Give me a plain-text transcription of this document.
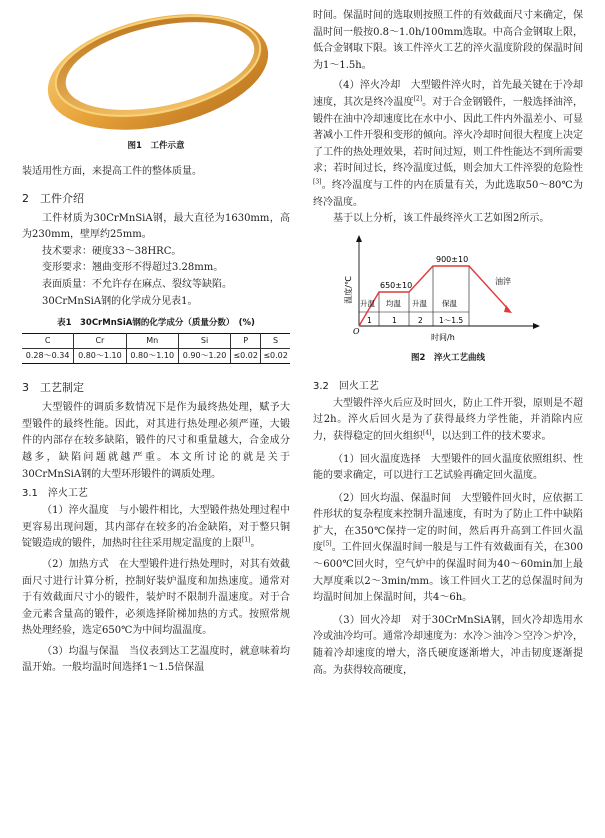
图1　工件示意

装适用性方面，来提高工件的整体质量。

2　工件介绍

工件材质为30CrMnSiA钢，最大直径为1630mm，高为230mm，壁厚约25mm。

技术要求：硬度33～38HRC。

变形要求：翘曲变形不得超过3.28mm。

表面质量：不允许存在麻点、裂纹等缺陷。

30CrMnSiA钢的化学成分见表1。

表1　30CrMnSiA钢的化学成分（质量分数）　(%)
C	Cr	Mn	Si	P	S
0.28～0.34	0.80～1.10	0.80～1.10	0.90～1.20	≤0.02	≤0.02
3　工艺制定

大型锻件的调质多数情况下是作为最终热处理，赋予大型锻件的最终性能。因此，对其进行热处理必须严谨，大锻件的内部存在较多缺陷，锻件的尺寸和重量越大，合金成分越多，缺陷问题就越严重。本文所讨论的就是关于30CrMnSiA钢的大型环形锻件的调质处理。

3.1　淬火工艺

（1）淬火温度　与小锻件相比，大型锻件热处理过程中更容易出现问题，其内部存在较多的冶金缺陷，对于整只铜锭锻造成的锻件，加热时往往采用规定温度的上限[1]。

（2）加热方式　在大型锻件进行热处理时，对其有效截面尺寸进行计算分析，控制好装炉温度和加热速度。通常对于有效截面尺寸小的锻件，装炉时不限制升温速度。对于合金元素含量高的锻件，必须选择阶梯加热的方式。按照常规热处理经验，选定650℃为中间均温温度。

（3）均温与保温　当仪表到达工艺温度时，就意味着均温开始。一般均温时间选择1～1.5倍保温

时间。保温时间的选取则按照工件的有效截面尺寸来确定，保温时间一般按0.8～1.0h/100mm选取。中高合金钢取上限，低合金钢取下限。该工件淬火工艺的淬火温度阶段的保温时间为1～1.5h。

（4）淬火冷却　大型锻件淬火时，首先最关键在于冷却速度，其次是终冷温度[2]。对于合金钢锻件，一般选择油淬，锻件在油中冷却速度比在水中小、因此工件内外温差小、可显著减小工件开裂和变形的倾向。淬火冷却时间很大程度上决定了工件的热处理效果，若时间过短，则工件性能达不到所需要求；若时间过长，终冷温度过低，则会加大工件淬裂的危险性[3]。终冷温度与工件的内在质量有关，为此选取50～80℃为终冷温度。

基于以上分析，该工件最终淬火工艺如图2所示。

温度/℃
O
650±10
900±10
油淬
升温 均温 升温 保温
1	1	2 1～1.5
时间/h
图2　淬火工艺曲线
3.2　回火工艺

大型锻件淬火后应及时回火，防止工件开裂，原则是不超过2h。淬火后回火是为了获得最终力学性能，并消除内应力，获得稳定的回火组织[4]，以达到工件的技术要求。

（1）回火温度选择　大型锻件的回火温度依照组织、性能的要求确定，可以进行工艺试验再确定回火温度。

（2）回火均温、保温时间　大型锻件回火时，应依据工件形状的复杂程度来控制升温速度，有时为了防止工件中缺陷扩大，在350℃保持一定的时间，然后再升高到工件回火温度[5]。工件回火保温时间一般是与工件有效截面有关，在300～600℃回火时，空气炉中的保温时间为40～60min加上最大厚度乘以2～3min/mm。该工件回火工艺的总保温时间为均温时间加上保温时间，共4～6h。

（3）回火冷却　对于30CrMnSiA钢，回火冷却选用水冷或油冷均可。通常冷却速度为：水冷＞油冷＞空冷＞炉冷，随着冷却速度的增大，洛氏硬度逐渐增大，冲击韧度逐渐提高。为获得较高硬度，
